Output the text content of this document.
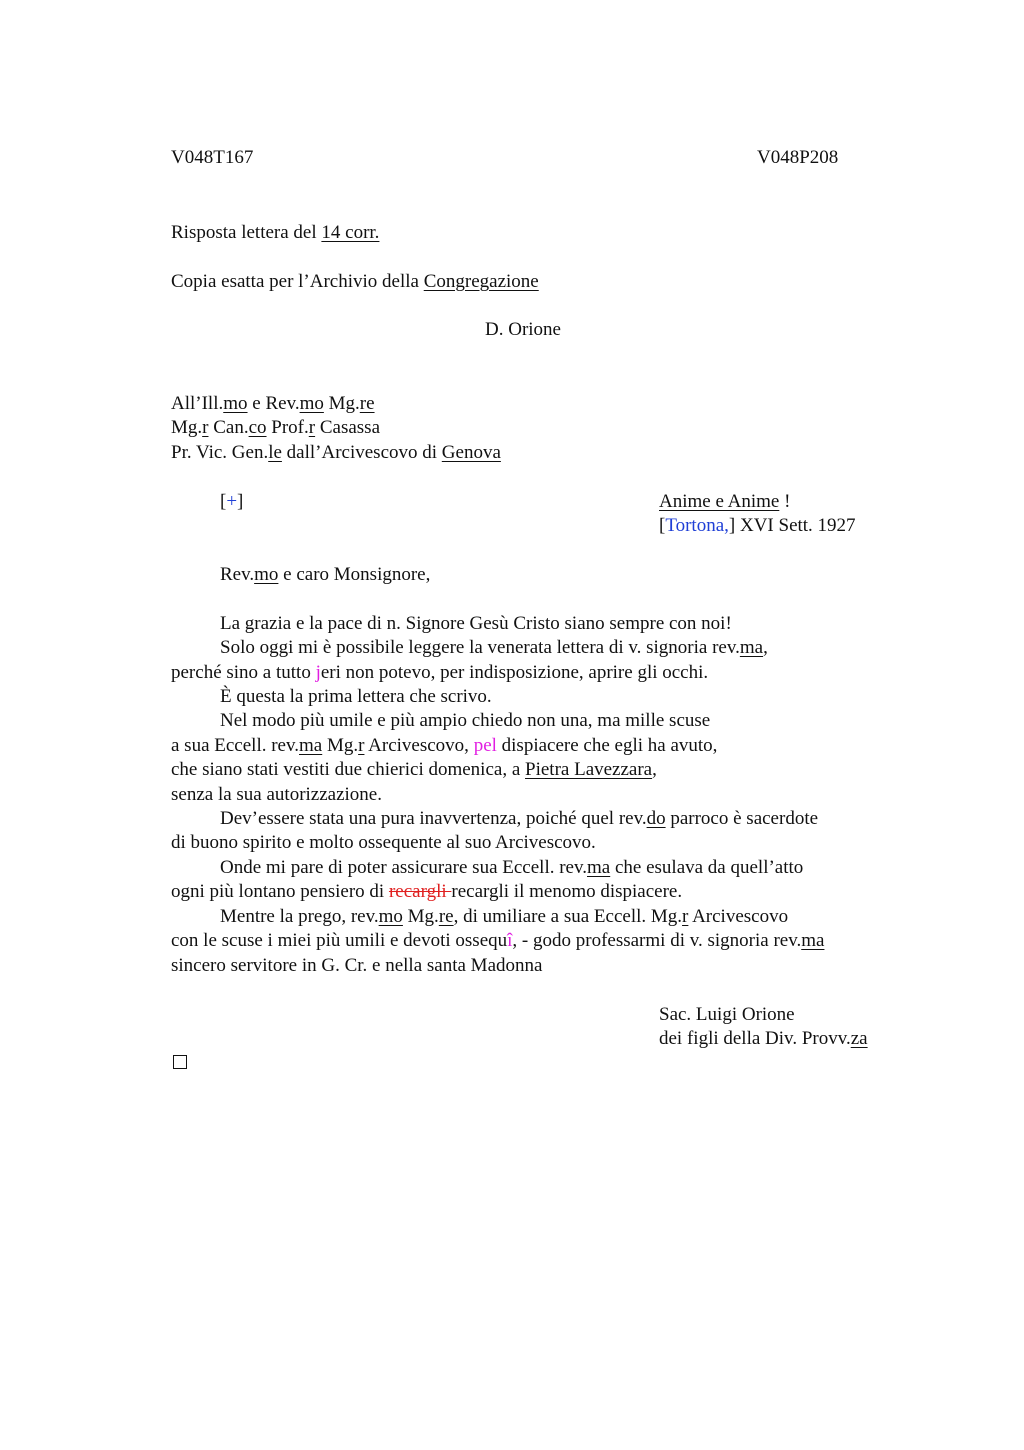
V048T167	V048P208
Risposta lettera del 14 corr.
Copia esatta per l’Archivio della Congregazione
D. Orione
All’Ill.mo e Rev.mo Mg.re
Mg.r Can.co Prof.r Casassa
Pr. Vic. Gen.le dall’Arcivescovo di Genova
[+]	Anime e Anime !
[Tortona,] XVI Sett. 1927
Rev.mo e caro Monsignore,
La grazia e la pace di n. Signore Gesù Cristo siano sempre con noi!
Solo oggi mi è possibile leggere la venerata lettera di v. signoria rev.ma,
perché sino a tutto jeri non potevo, per indisposizione, aprire gli occhi.
È questa la prima lettera che scrivo.
Nel modo più umile e più ampio chiedo non una, ma mille scuse
a sua Eccell. rev.ma Mg.r Arcivescovo, pel dispiacere che egli ha avuto,
che siano stati vestiti due chierici domenica, a Pietra Lavezzara,
senza la sua autorizzazione.
Dev’essere stata una pura inavvertenza, poiché quel rev.do parroco è sacerdote
di buono spirito e molto ossequente al suo Arcivescovo.
Onde mi pare di poter assicurare sua Eccell. rev.ma che esulava da quell’atto
ogni più lontano pensiero di recargli recargli il menomo dispiacere.
Mentre la prego, rev.mo Mg.re, di umiliare a sua Eccell. Mg.r Arcivescovo
con le scuse i miei più umili e devoti ossequî, - godo professarmi di v. signoria rev.ma
sincero servitore in G. Cr. e nella santa Madonna
Sac. Luigi Orione
dei figli della Div. Provv.za
